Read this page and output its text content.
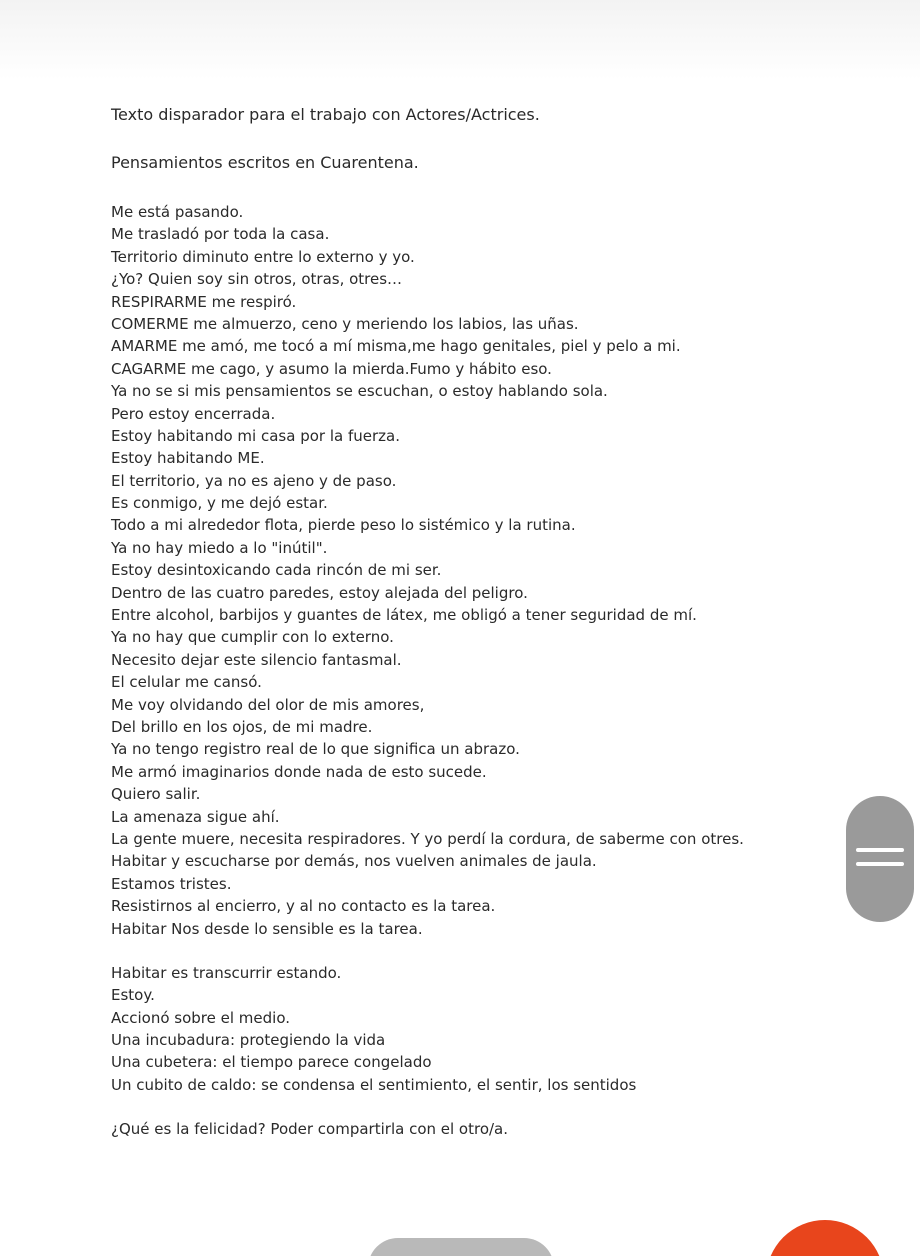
Texto disparador para el trabajo con Actores/Actrices.

Pensamientos escritos en Cuarentena.

Me está pasando.
Me trasladó por toda la casa.
Territorio diminuto entre lo externo y yo.
¿Yo? Quien soy sin otros, otras, otres…
RESPIRARME me respiró.
COMERME me almuerzo, ceno y meriendo los labios, las uñas.
AMARME me amó, me tocó a mí misma,me hago genitales, piel y pelo a mi.
CAGARME me cago, y asumo la mierda.Fumo y hábito eso.
Ya no se si mis pensamientos se escuchan, o estoy hablando sola.
Pero estoy encerrada.
Estoy habitando mi casa por la fuerza.
Estoy habitando ME.
El territorio, ya no es ajeno y de paso.
Es conmigo, y me dejó estar.
Todo a mi alrededor flota, pierde peso lo sistémico y la rutina.
Ya no hay miedo a lo "inútil".
Estoy desintoxicando cada rincón de mi ser.
Dentro de las cuatro paredes, estoy alejada del peligro.
Entre alcohol, barbijos y guantes de látex, me obligó a tener seguridad de mí.
Ya no hay que cumplir con lo externo.
Necesito dejar este silencio fantasmal.
El celular me cansó.
Me voy olvidando del olor de mis amores,
Del brillo en los ojos, de mi madre.
Ya no tengo registro real de lo que significa un abrazo.
Me armó imaginarios donde nada de esto sucede.
Quiero salir.
La amenaza sigue ahí.
La gente muere, necesita respiradores. Y yo perdí la cordura, de saberme con otres.
Habitar y escucharse por demás, nos vuelven animales de jaula.
Estamos tristes.
Resistirnos al encierro, y al no contacto es la tarea.
Habitar Nos desde lo sensible es la tarea.
Habitar es transcurrir estando.
Estoy.
Accionó sobre el medio.
Una incubadura: protegiendo la vida
Una cubetera: el tiempo parece congelado
Un cubito de caldo: se condensa el sentimiento, el sentir, los sentidos

¿Qué es la felicidad? Poder compartirla con el otro/a.
